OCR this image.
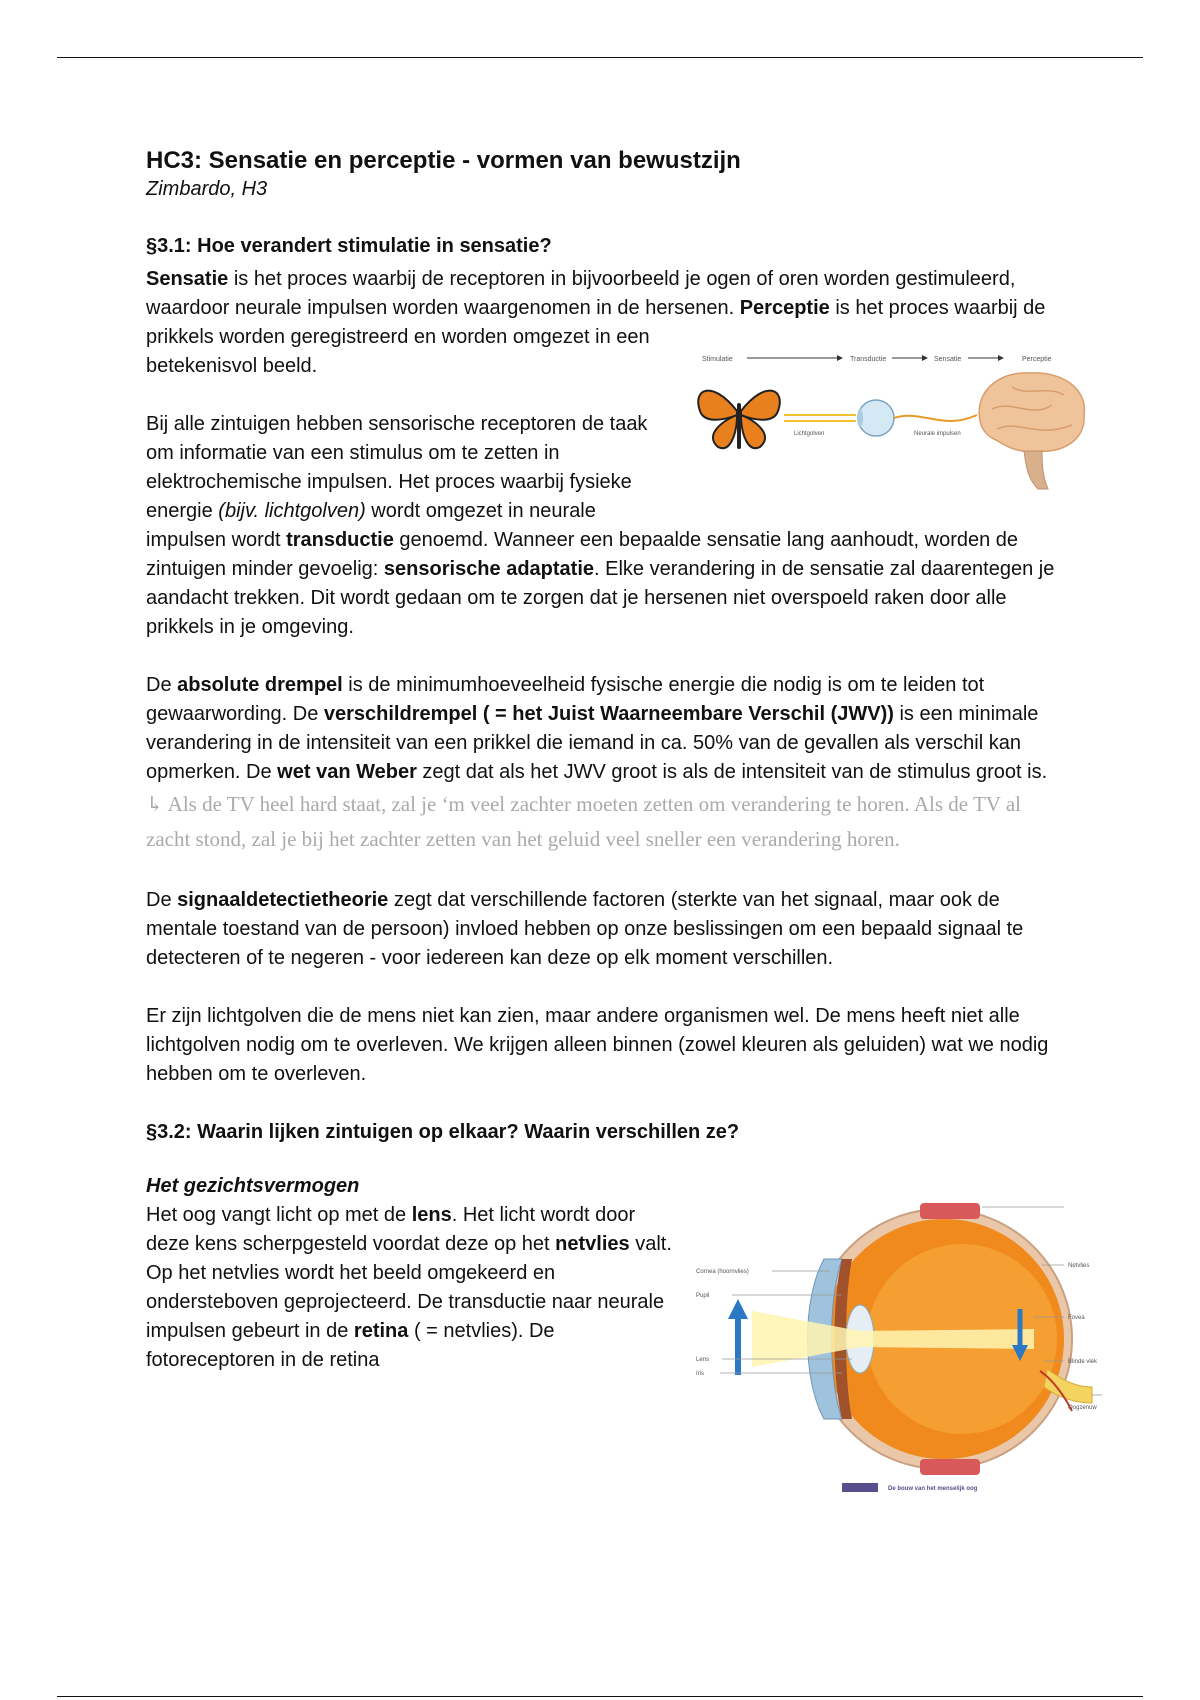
HC3: Sensatie en perceptie - vormen van bewustzijn
Zimbardo, H3
§3.1: Hoe verandert stimulatie in sensatie?

Sensatie is het proces waarbij de receptoren in bijvoorbeeld je ogen of oren worden gestimuleerd, waardoor neurale impulsen worden waargenomen in de hersenen. Perceptie
Stimulatie	Transductie	Sensatie	Perceptie
Lichtgolven	Neurale impulsen
is het proces waarbij de prikkels worden geregistreerd en worden omgezet in een betekenisvol beeld.

Bij alle zintuigen hebben sensorische receptoren de taak om informatie van een stimulus om te zetten in elektrochemische impulsen. Het proces waarbij fysieke energie (bijv. lichtgolven) wordt omgezet in neurale impulsen wordt transductie genoemd. Wanneer een bepaalde sensatie lang aanhoudt, worden de zintuigen minder gevoelig: sensorische adaptatie. Elke verandering in de sensatie zal daarentegen je aandacht trekken. Dit wordt gedaan om te zorgen dat je hersenen niet overspoeld raken door alle prikkels in je omgeving.

De absolute drempel is de minimumhoeveelheid fysische energie die nodig is om te leiden tot gewaarwording. De verschildrempel ( = het Juist Waarneembare Verschil (JWV)) is een minimale verandering in de intensiteit van een prikkel die iemand in ca. 50% van de gevallen als verschil kan opmerken. De wet van Weber zegt dat als het JWV groot is als de intensiteit van de stimulus groot is.

↳ Als de TV heel hard staat, zal je ‘m veel zachter moeten zetten om verandering te horen. Als de TV al zacht stond, zal je bij het zachter zetten van het geluid veel sneller een verandering horen.

De signaaldetectietheorie zegt dat verschillende factoren (sterkte van het signaal, maar ook de mentale toestand van de persoon) invloed hebben op onze beslissingen om een bepaald signaal te detecteren of te negeren - voor iedereen kan deze op elk moment verschillen.

Er zijn lichtgolven die de mens niet kan zien, maar andere organismen wel. De mens heeft niet alle lichtgolven nodig om te overleven. We krijgen alleen binnen (zowel kleuren als geluiden) wat we nodig hebben om te overleven.

§3.2: Waarin lijken zintuigen op elkaar? Waarin verschillen ze?
Het gezichtsvermogen

Cornea (hoornvlies)
Pupil
Lens
Iris
Netvlies
Fovea
Blinde vlek
Oogzenuw
De bouw van het menselijk oog
Het oog vangt licht op met de lens. Het licht wordt door deze kens scherpgesteld voordat deze op het netvlies valt. Op het netvlies wordt het beeld omgekeerd en ondersteboven geprojecteerd. De transductie naar neurale impulsen gebeurt in de retina ( = netvlies). De fotoreceptoren in de retina
